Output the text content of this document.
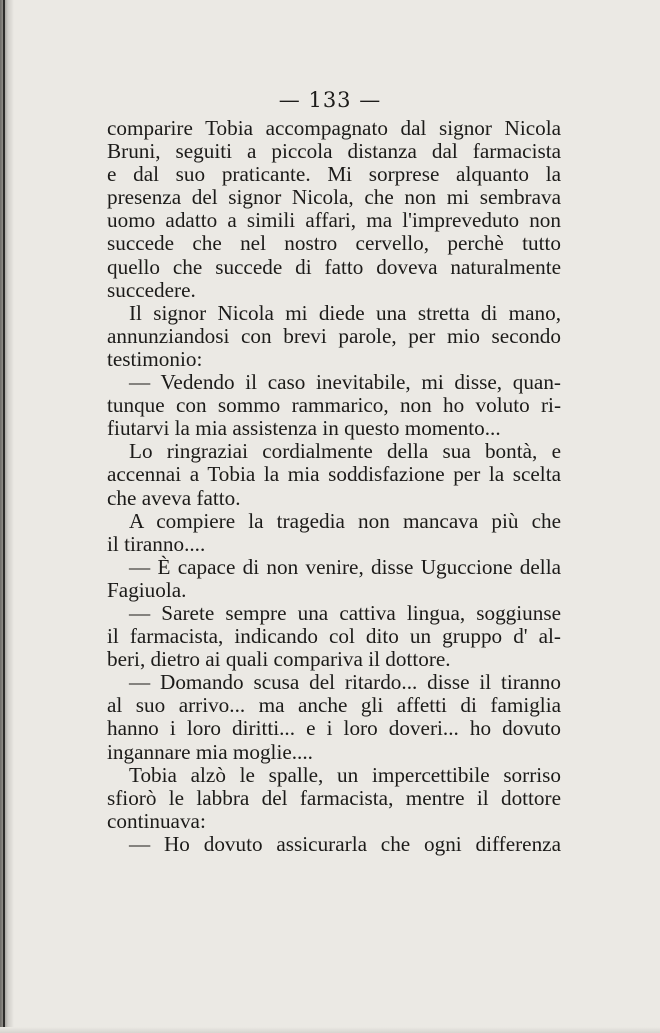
— 133 —
comparire Tobia accompagnato dal signor Nicola
Bruni, seguiti a piccola distanza dal farmacista
e dal suo praticante. Mi sorprese alquanto la
presenza del signor Nicola, che non mi sembrava
uomo adatto a simili affari, ma l'impreveduto non
succede che nel nostro cervello, perchè tutto
quello che succede di fatto doveva naturalmente
succedere.
Il signor Nicola mi diede una stretta di mano,
annunziandosi con brevi parole, per mio secondo
testimonio:
— Vedendo il caso inevitabile, mi disse, quan-
tunque con sommo rammarico, non ho voluto ri-
fiutarvi la mia assistenza in questo momento...
Lo ringraziai cordialmente della sua bontà, e
accennai a Tobia la mia soddisfazione per la scelta
che aveva fatto.
A compiere la tragedia non mancava più che
il tiranno....
— È capace di non venire, disse Uguccione della
Fagiuola.
— Sarete sempre una cattiva lingua, soggiunse
il farmacista, indicando col dito un gruppo d' al-
beri, dietro ai quali compariva il dottore.
— Domando scusa del ritardo... disse il tiranno
al suo arrivo... ma anche gli affetti di famiglia
hanno i loro diritti... e i loro doveri... ho dovuto
ingannare mia moglie....
Tobia alzò le spalle, un impercettibile sorriso
sfiorò le labbra del farmacista, mentre il dottore
continuava:
— Ho dovuto assicurarla che ogni differenza
